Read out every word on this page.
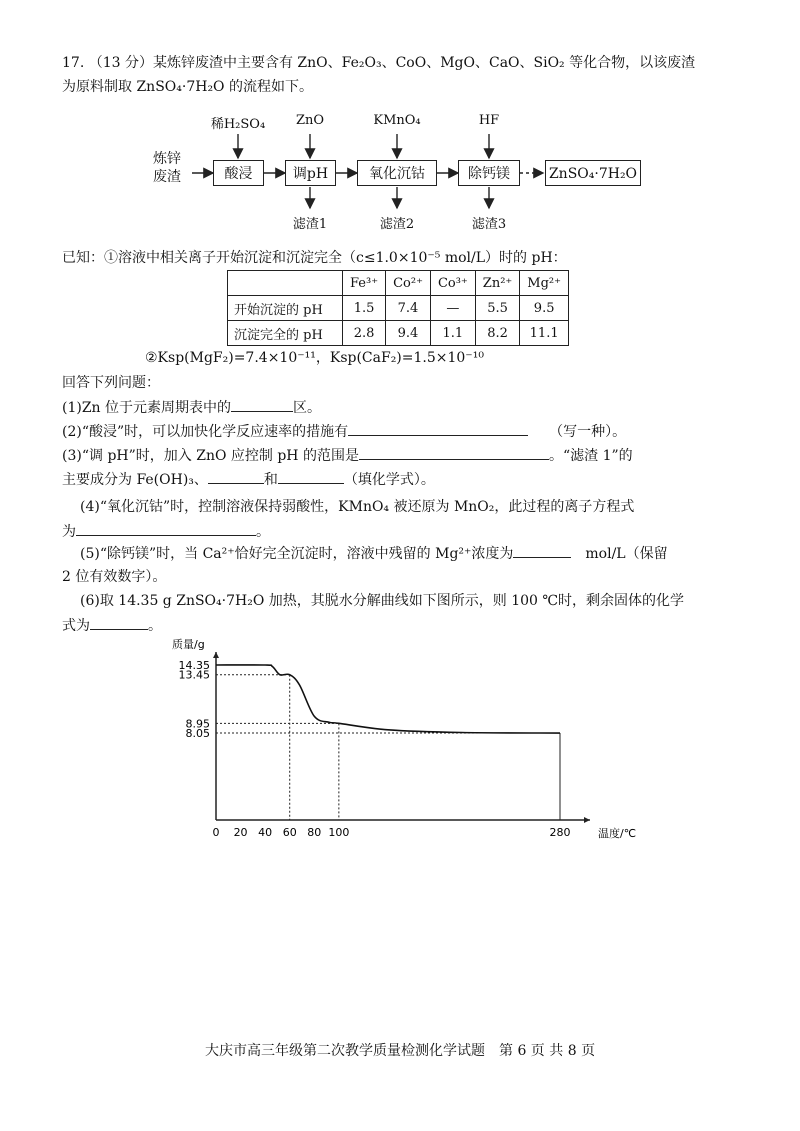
17. （13 分）某炼锌废渣中主要含有 ZnO、Fe₂O₃、CoO、MgO、CaO、SiO₂ 等化合物，以该废渣
为原料制取 ZnSO₄·7H₂O 的流程如下。
炼锌
废渣
稀H₂SO₄	ZnO	KMnO₄	HF
酸浸	调pH	氧化沉钴	除钙镁	ZnSO₄·7H₂O
滤渣1	滤渣2	滤渣3
已知：①溶液中相关离子开始沉淀和沉淀完全（c≤1.0×10⁻⁵ mol/L）时的 pH：
	Fe³⁺	Co²⁺	Co³⁺	Zn²⁺	Mg²⁺
开始沉淀的 pH	1.5	7.4	—	5.5	9.5
沉淀完全的 pH	2.8	9.4	1.1	8.2	11.1
②Ksp(MgF₂)=7.4×10⁻¹¹，Ksp(CaF₂)=1.5×10⁻¹⁰
回答下列问题：
(1)Zn 位于元素周期表中的	区。
(2)“酸浸”时，可以加快化学反应速率的措施有　　	（写一种）。
(3)“调 pH”时，加入 ZnO 应控制 pH 的范围是	。“滤渣 1”的
主要成分为 Fe(OH)₃、	和	（填化学式）。
(4)“氧化沉钴”时，控制溶液保持弱酸性，KMnO₄ 被还原为 MnO₂，此过程的离子方程式
为	。
(5)“除钙镁”时，当 Ca²⁺恰好完全沉淀时，溶液中残留的 Mg²⁺浓度为　	mol/L（保留
2 位有效数字）。
(6)取 14.35 g ZnSO₄·7H₂O 加热，其脱水分解曲线如下图所示，则 100 ℃时，剩余固体的化学
式为	。
质量/g
温度/℃
0 20 40 60 80 100	280
14.35
13.45
8.95
8.05
大庆市高三年级第二次教学质量检测化学试题　第 6 页 共 8 页
